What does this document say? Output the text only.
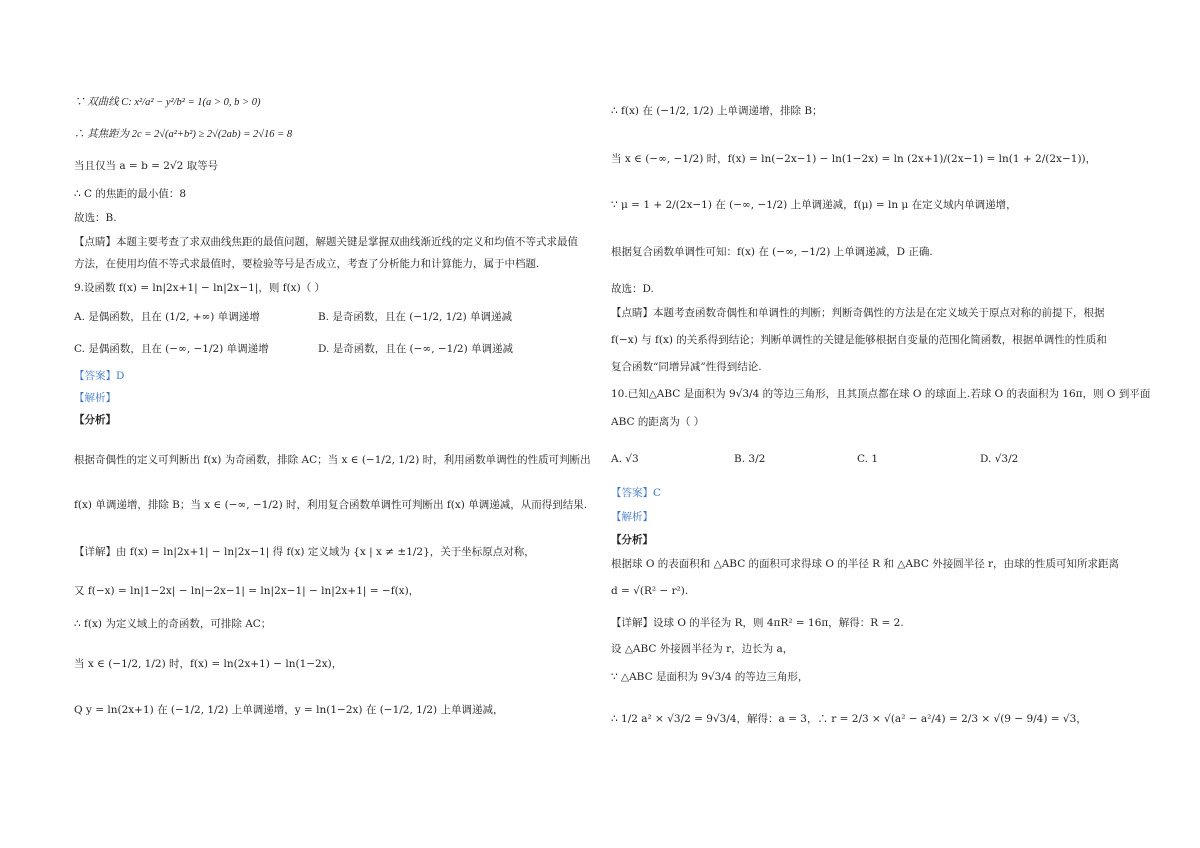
∵ 双曲线 C: x²/a² − y²/b² = 1(a > 0, b > 0)
∴ 其焦距为 2c = 2√(a²+b²) ≥ 2√(2ab) = 2√16 = 8
当且仅当 a = b = 2√2 取等号
∴ C 的焦距的最小值：8
故选：B.
【点睛】本题主要考查了求双曲线焦距的最值问题，解题关键是掌握双曲线渐近线的定义和均值不等式求最值
方法，在使用均值不等式求最值时，要检验等号是否成立，考查了分析能力和计算能力，属于中档题.
9.设函数 f(x) = ln|2x+1| − ln|2x−1|，则 f(x)（ ）
A. 是偶函数，且在 (1/2, +∞) 单调递增	B. 是奇函数，且在 (−1/2, 1/2) 单调递减
C. 是偶函数，且在 (−∞, −1/2) 单调递增	D. 是奇函数，且在 (−∞, −1/2) 单调递减
【答案】D
【解析】
【分析】
根据奇偶性的定义可判断出 f(x) 为奇函数，排除 AC；当 x ∈ (−1/2, 1/2) 时，利用函数单调性的性质可判断出
f(x) 单调递增，排除 B；当 x ∈ (−∞, −1/2) 时，利用复合函数单调性可判断出 f(x) 单调递减，从而得到结果.
【详解】由 f(x) = ln|2x+1| − ln|2x−1| 得 f(x) 定义域为 {x | x ≠ ±1/2}，关于坐标原点对称，
又 f(−x) = ln|1−2x| − ln|−2x−1| = ln|2x−1| − ln|2x+1| = −f(x)，
∴ f(x) 为定义域上的奇函数，可排除 AC；
当 x ∈ (−1/2, 1/2) 时，f(x) = ln(2x+1) − ln(1−2x)，
Q y = ln(2x+1) 在 (−1/2, 1/2) 上单调递增，y = ln(1−2x) 在 (−1/2, 1/2) 上单调递减，
∴ f(x) 在 (−1/2, 1/2) 上单调递增，排除 B；
当 x ∈ (−∞, −1/2) 时，f(x) = ln(−2x−1) − ln(1−2x) = ln (2x+1)/(2x−1) = ln(1 + 2/(2x−1))，
∵ μ = 1 + 2/(2x−1) 在 (−∞, −1/2) 上单调递减，f(μ) = ln μ 在定义域内单调递增，
根据复合函数单调性可知：f(x) 在 (−∞, −1/2) 上单调递减，D 正确.
故选：D.
【点睛】本题考查函数奇偶性和单调性的判断；判断奇偶性的方法是在定义域关于原点对称的前提下，根据
f(−x) 与 f(x) 的关系得到结论；判断单调性的关键是能够根据自变量的范围化简函数，根据单调性的性质和
复合函数“同增异减”性得到结论.
10.已知△ABC 是面积为 9√3/4 的等边三角形，且其顶点都在球 O 的球面上.若球 O 的表面积为 16π，则 O 到平面
ABC 的距离为（ ）
A. √3	B. 3/2	C. 1	D. √3/2
【答案】C
【解析】
【分析】
根据球 O 的表面积和 △ABC 的面积可求得球 O 的半径 R 和 △ABC 外接圆半径 r，由球的性质可知所求距离
d = √(R² − r²).
【详解】设球 O 的半径为 R，则 4πR² = 16π，解得：R = 2.
设 △ABC 外接圆半径为 r，边长为 a，
∵ △ABC 是面积为 9√3/4 的等边三角形，
∴ 1/2 a² × √3/2 = 9√3/4，解得：a = 3，∴ r = 2/3 × √(a² − a²/4) = 2/3 × √(9 − 9/4) = √3，
